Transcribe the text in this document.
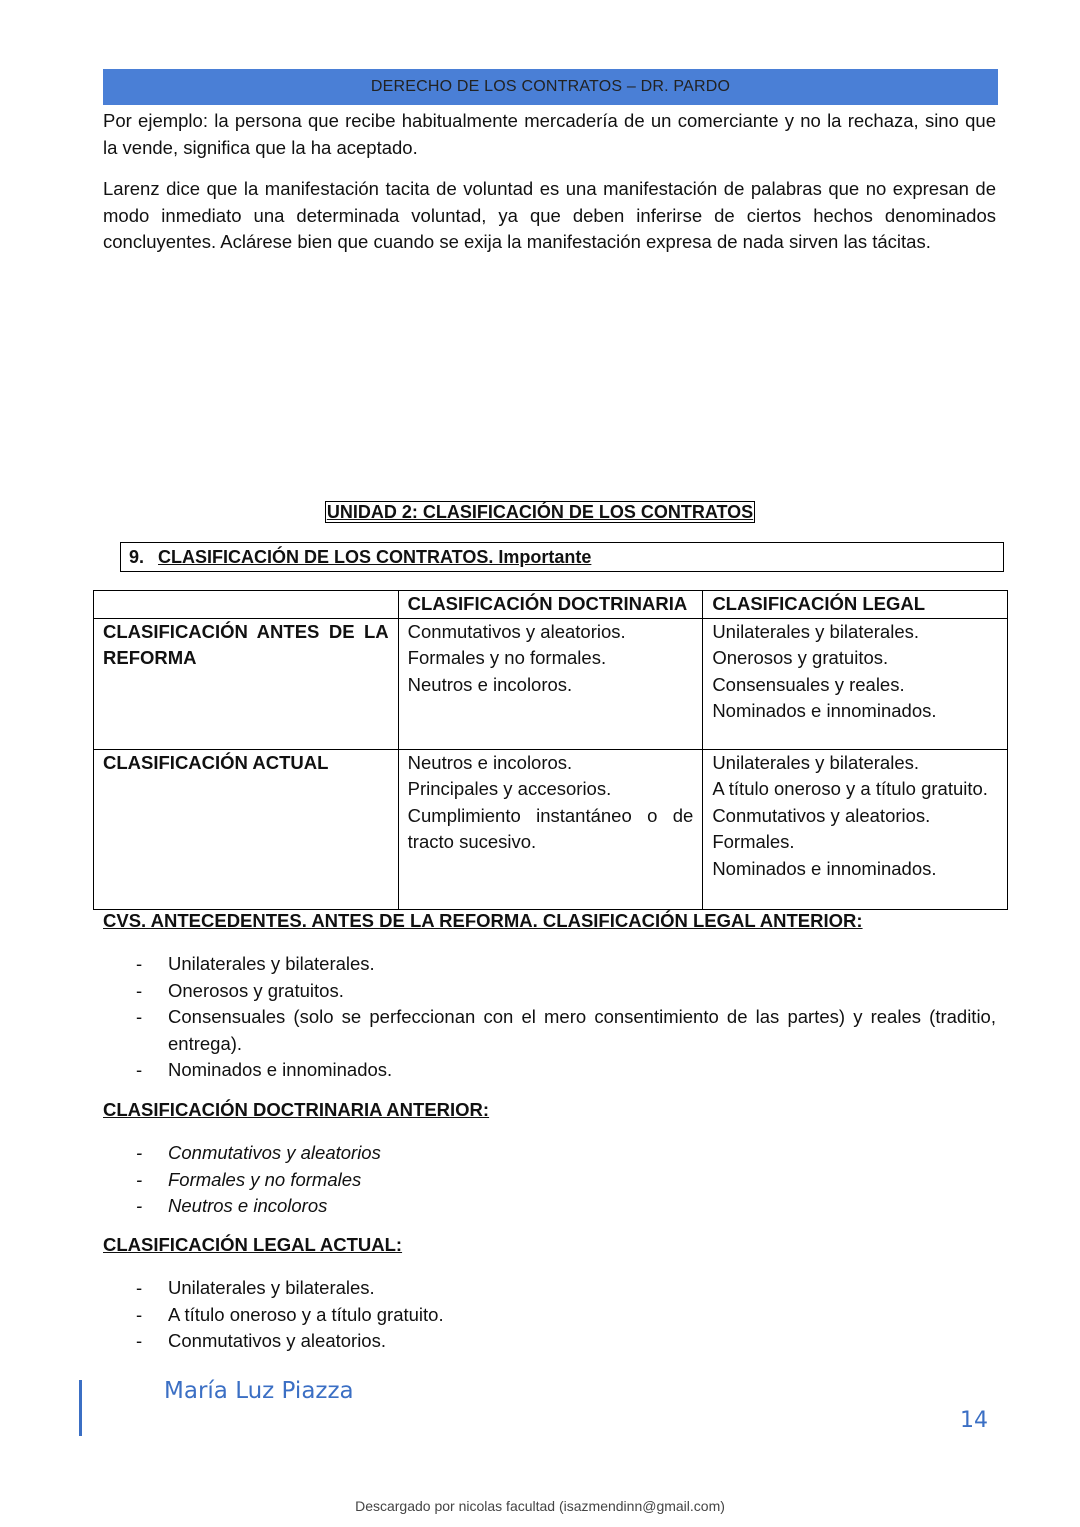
DERECHO DE LOS CONTRATOS – DR. PARDO

Por ejemplo: la persona que recibe habitualmente mercadería de un comerciante y no la rechaza, sino que la vende, significa que la ha aceptado.

Larenz dice que la manifestación tacita de voluntad es una manifestación de palabras que no expresan de modo inmediato una determinada voluntad, ya que deben inferirse de ciertos hechos denominados concluyentes. Aclárese bien que cuando se exija la manifestación expresa de nada sirven las tácitas.

UNIDAD 2: CLASIFICACIÓN DE LOS CONTRATOS
9. CLASIFICACIÓN DE LOS CONTRATOS. Importante
	CLASIFICACIÓN DOCTRINARIA	CLASIFICACIÓN LEGAL

CLASIFICACIÓN ANTES DE LA REFORMA

Conmutativos y aleatorios.
Formales y no formales.
Neutros e incoloros.

Unilaterales y bilaterales.
Onerosos y gratuitos.
Consensuales y reales.
Nominados e innominados.

CLASIFICACIÓN ACTUAL	Neutros e incoloros.
Principales y accesorios.
Cumplimiento instantáneo o de tracto sucesivo.

Unilaterales y bilaterales.
A título oneroso y a título gratuito.
Conmutativos y aleatorios.
Formales.
Nominados e innominados.
CVS. ANTECEDENTES. ANTES DE LA REFORMA. CLASIFICACIÓN LEGAL ANTERIOR:
- Unilaterales y bilaterales.
- Onerosos y gratuitos.
- Consensuales (solo se perfeccionan con el mero consentimiento de las partes) y reales (traditio, entrega).
- Nominados e innominados.
CLASIFICACIÓN DOCTRINARIA ANTERIOR:
- Conmutativos y aleatorios
- Formales y no formales
- Neutros e incoloros
CLASIFICACIÓN LEGAL ACTUAL:
- Unilaterales y bilaterales.
- A título oneroso y a título gratuito.
- Conmutativos y aleatorios.
María Luz Piazza
14
Descargado por nicolas facultad (isazmendinn@gmail.com)
